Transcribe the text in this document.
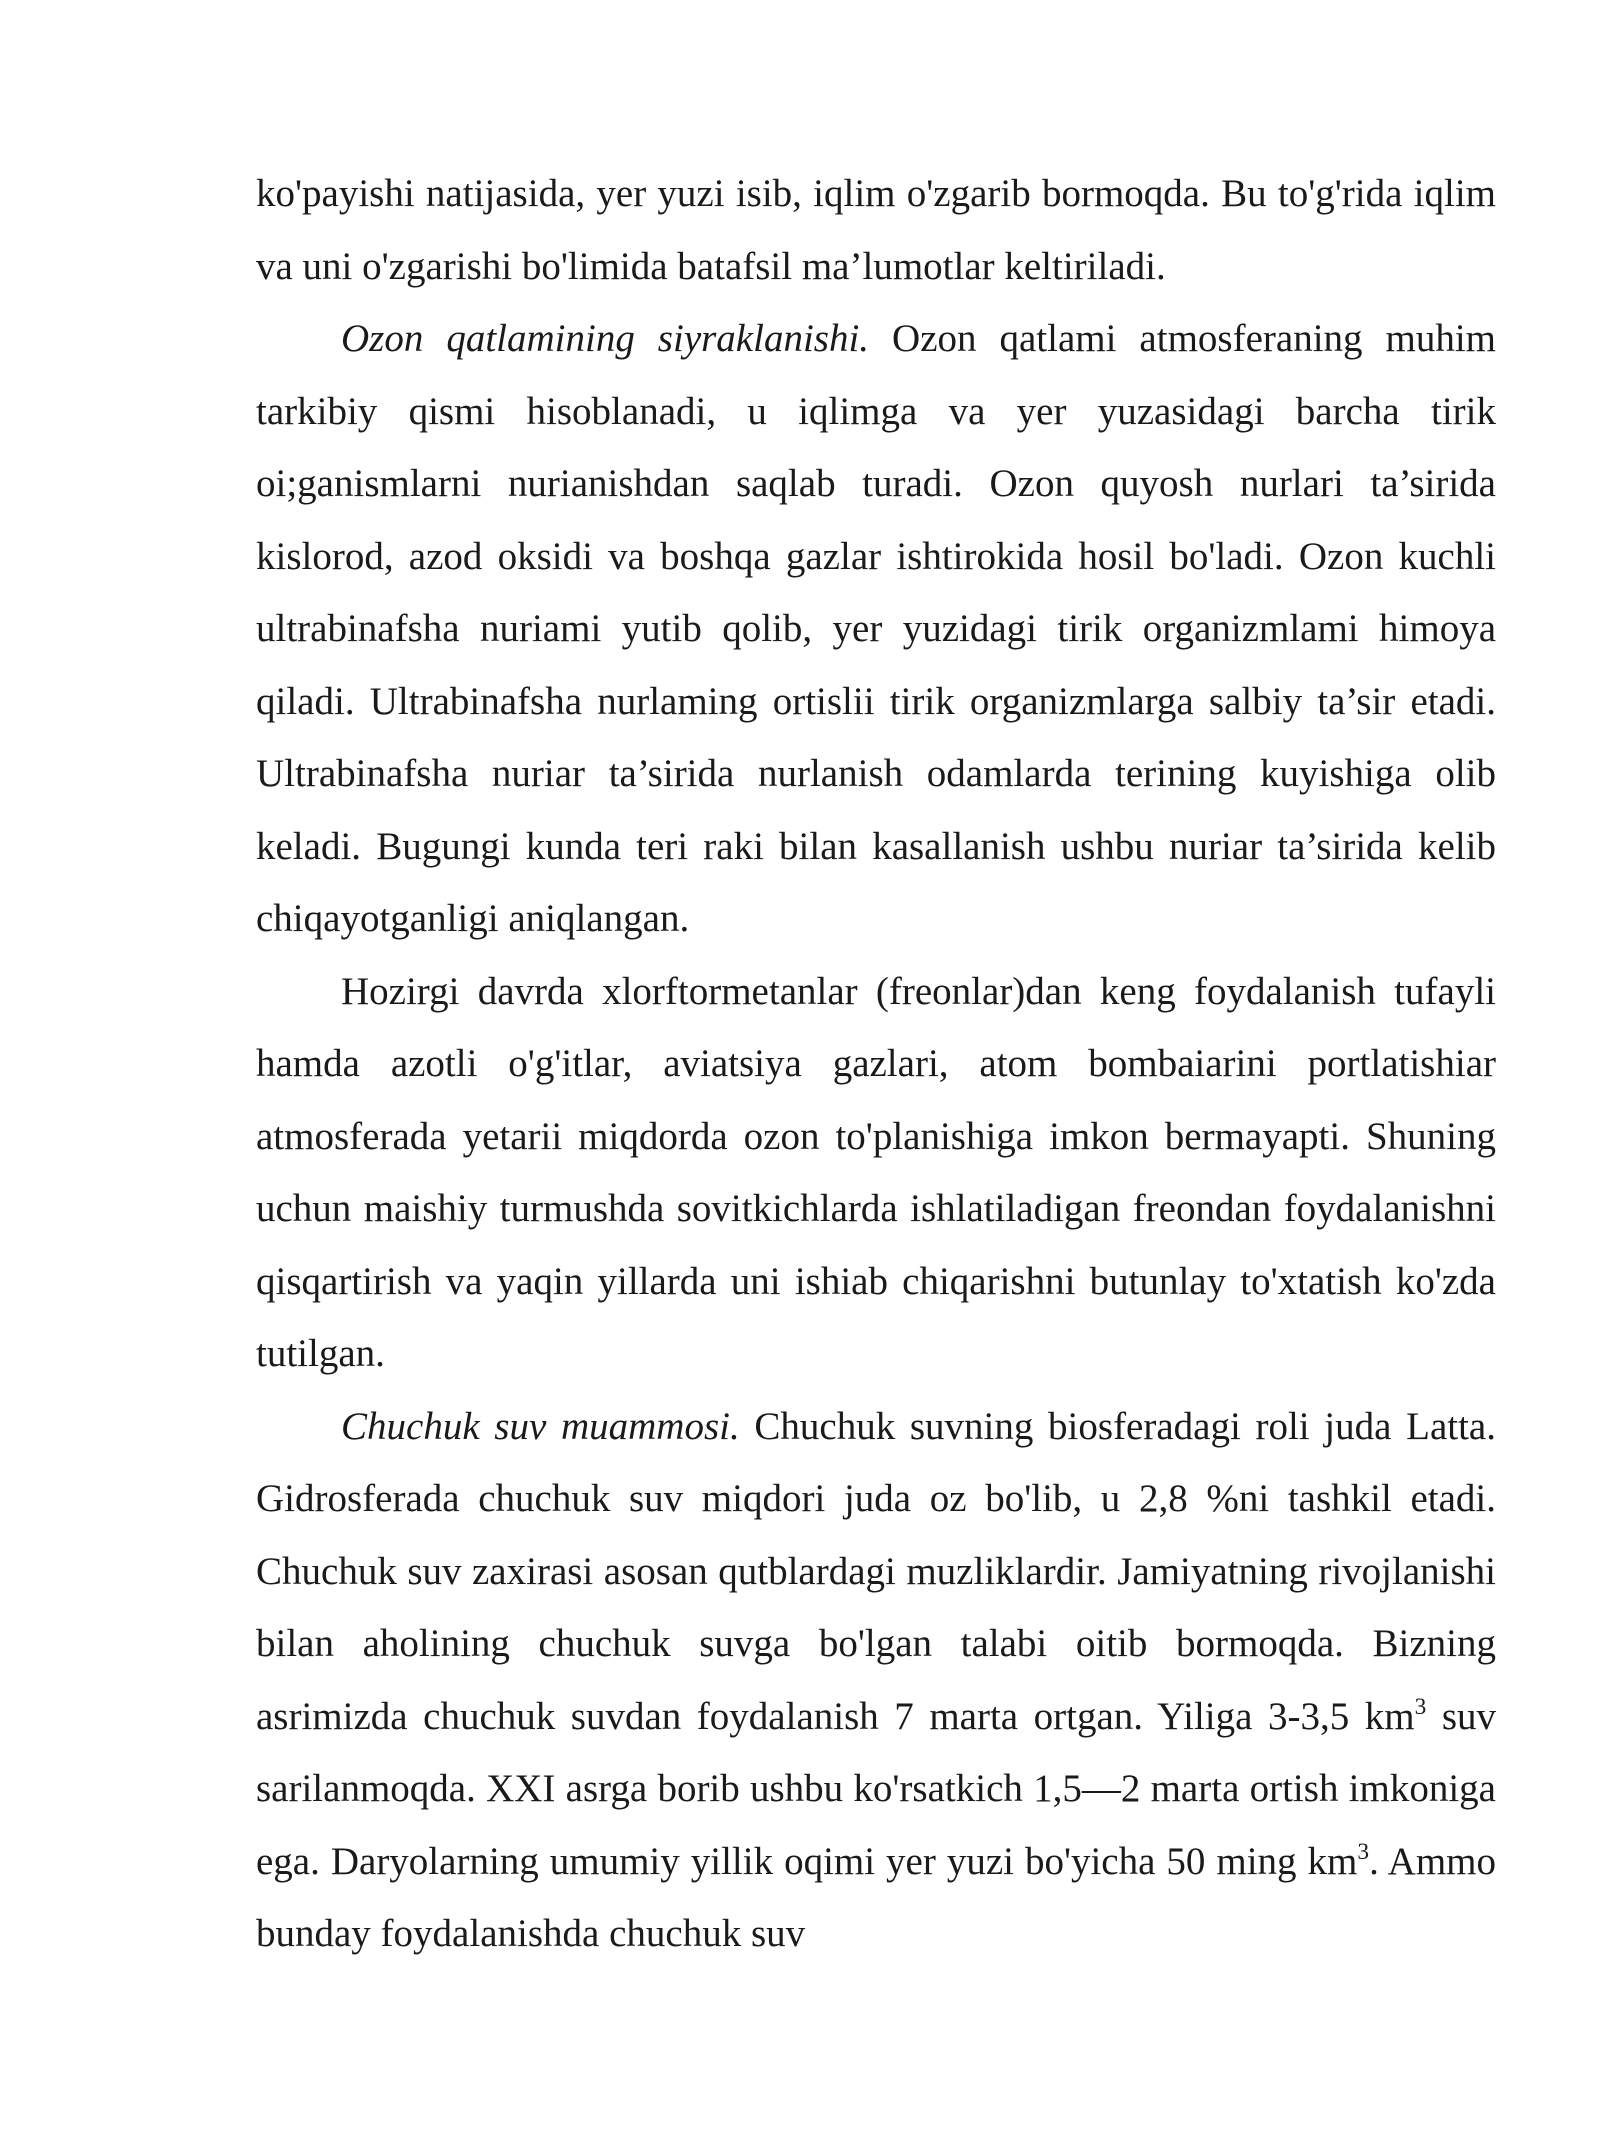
ko'payishi natijasida, yer yuzi isib, iqlim o'zgarib bormoqda. Bu to'g'rida iqlim va uni o'zgarishi bo'limida batafsil ma’lumotlar keltiriladi.

Ozon qatlamining siyraklanishi. Ozon qatlami atmosferaning muhim tarkibiy qismi hisoblanadi, u iqlimga va yer yuzasidagi barcha tirik oi;ganismlarni nurianishdan saqlab turadi. Ozon quyosh nurlari ta’sirida kislorod, azod oksidi va boshqa gazlar ishtirokida hosil bo'ladi. Ozon kuchli ultrabinafsha nuriami yutib qolib, yer yuzidagi tirik organizmlami himoya qiladi. Ultrabinafsha nurlaming ortislii tirik organizmlarga salbiy ta’sir etadi. Ultrabinafsha nuriar ta’sirida nurlanish odamlarda terining kuyishiga olib keladi. Bugungi kunda teri raki bilan kasallanish ushbu nuriar ta’sirida kelib chiqayotganligi aniqlangan.

Hozirgi davrda xlorftormetanlar (freonlar)dan keng foydalanish tufayli hamda azotli o'g'itlar, aviatsiya gazlari, atom bombaiarini portlatishiar atmosferada yetarii miqdorda ozon to'planishiga imkon bermayapti. Shuning uchun maishiy turmushda sovitkichlarda ishlatiladigan freondan foydalanishni qisqartirish va yaqin yillarda uni ishiab chiqarishni butunlay to'xtatish ko'zda tutilgan.

Chuchuk suv muammosi. Chuchuk suvning biosferadagi roli juda Latta. Gidrosferada chuchuk suv miqdori juda oz bo'lib, u 2,8 %ni tashkil etadi. Chuchuk suv zaxirasi asosan qutblardagi muzliklardir. Jamiyatning rivojlanishi bilan aholining chuchuk suvga bo'lgan talabi oitib bormoqda. Bizning asrimizda chuchuk suvdan foydalanish 7 marta ortgan. Yiliga 3-3,5 $km^3$ suv sarilanmoqda. XXI asrga borib ushbu ko'rsatkich 1,5—2 marta ortish imkoniga ega. Daryolarning umumiy yillik oqimi yer yuzi bo'yicha 50 ming $km^3$. Ammo bunday foydalanishda chuchuk suv
